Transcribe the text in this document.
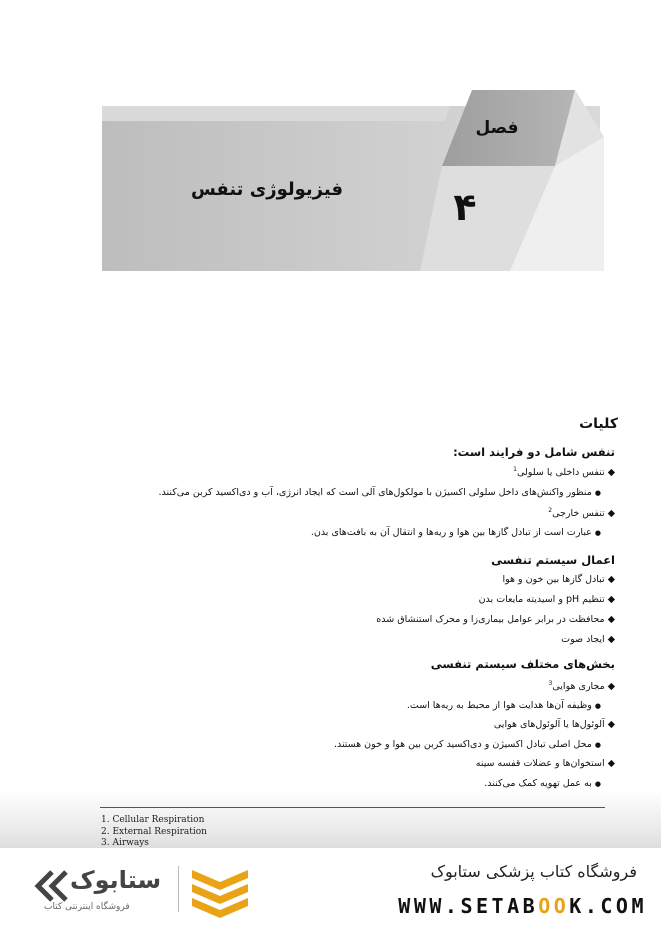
فصل
۴
فیزیولوژی تنفس
کلیات
تنفس شامل دو فرایند است:
◆ تنفس داخلی یا سلولی$^1$
● منظور واکنش‌های داخل سلولی اکسیژن با مولکول‌های آلی است که ایجاد انرژی، آب و دی‌اکسید کربن می‌کنند.
◆ تنفس خارجی$^2$
● عبارت است از تبادل گازها بین هوا و ریه‌ها و انتقال آن به بافت‌های بدن.
اعمال سیستم تنفسی
◆ تبادل گازها بین خون و هوا
◆ تنظیم pH و اسیدیته مایعات بدن
◆ محافظت در برابر عوامل بیماری‌زا و محرک استنشاق شده
◆ ایجاد صوت
بخش‌های مختلف سیستم تنفسی
◆ مجاری هوایی$^3$
● وظیفه آن‌ها هدایت هوا از محیط به ریه‌ها است.
◆ آلوئول‌ها یا آلوئول‌های هوایی
● محل اصلی تبادل اکسیژن و دی‌اکسید کربن بین هوا و خون هستند.
◆ استخوان‌ها و عضلات قفسه سینه
● به عمل تهویه کمک می‌کنند.
1. Cellular Respiration
2. External Respiration
3. Airways
ستابوک
فروشگاه اینترنتی کتاب
فروشگاه کتاب پزشکی ستابوک
WWW.SETABOOK.COM
